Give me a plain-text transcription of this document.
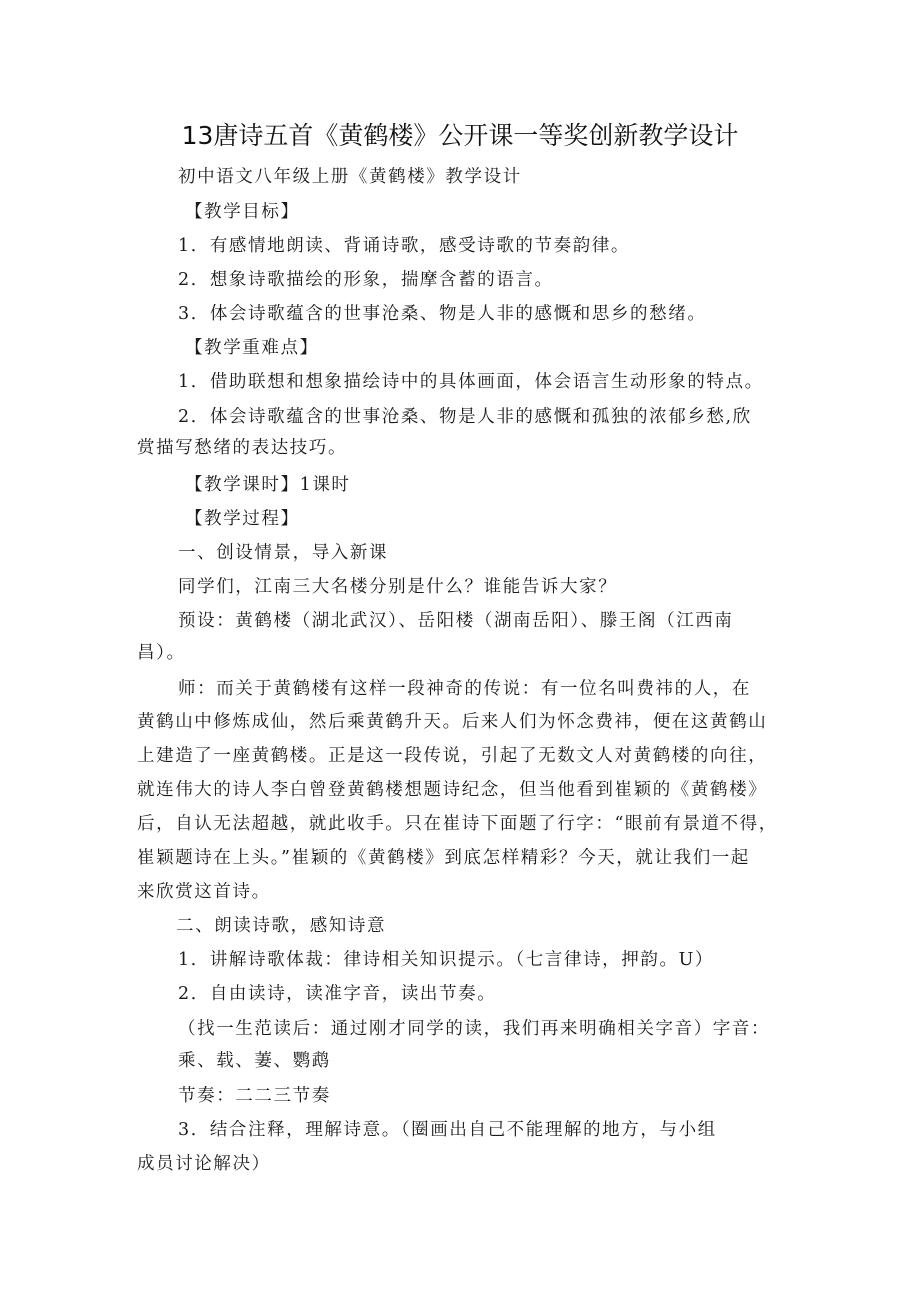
13唐诗五首《黄鹤楼》公开课一等奖创新教学设计
初中语文八年级上册《黄鹤楼》教学设计
【教学目标】
1．有感情地朗读、背诵诗歌，感受诗歌的节奏韵律。
2．想象诗歌描绘的形象，揣摩含蓄的语言。
3．体会诗歌蕴含的世事沧桑、物是人非的感慨和思乡的愁绪。
【教学重难点】
1．借助联想和想象描绘诗中的具体画面，体会语言生动形象的特点。
2．体会诗歌蕴含的世事沧桑、物是人非的感慨和孤独的浓郁乡愁,欣
赏描写愁绪的表达技巧。
【教学课时】1课时
【教学过程】
一、创设情景，导入新课
同学们，江南三大名楼分别是什么？谁能告诉大家？
预设：黄鹤楼（湖北武汉）、岳阳楼（湖南岳阳）、滕王阁（江西南
昌）。
师：而关于黄鹤楼有这样一段神奇的传说：有一位名叫费祎的人，在
黄鹤山中修炼成仙，然后乘黄鹤升天。后来人们为怀念费祎，便在这黄鹤山
上建造了一座黄鹤楼。正是这一段传说，引起了无数文人对黄鹤楼的向往，
就连伟大的诗人李白曾登黄鹤楼想题诗纪念，但当他看到崔颖的《黄鹤楼》
后，自认无法超越，就此收手。只在崔诗下面题了行字：“眼前有景道不得，
崔颖题诗在上头。”崔颖的《黄鹤楼》到底怎样精彩？今天，就让我们一起
来欣赏这首诗。
二、朗读诗歌，感知诗意
1．讲解诗歌体裁：律诗相关知识提示。（七言律诗，押韵。U）
2．自由读诗，读准字音，读出节奏。
（找一生范读后：通过刚才同学的读，我们再来明确相关字音）字音：
乘、载、萋、鹦鹉
节奏：二二三节奏
3．结合注释，理解诗意。（圈画出自己不能理解的地方，与小组
成员讨论解决）
